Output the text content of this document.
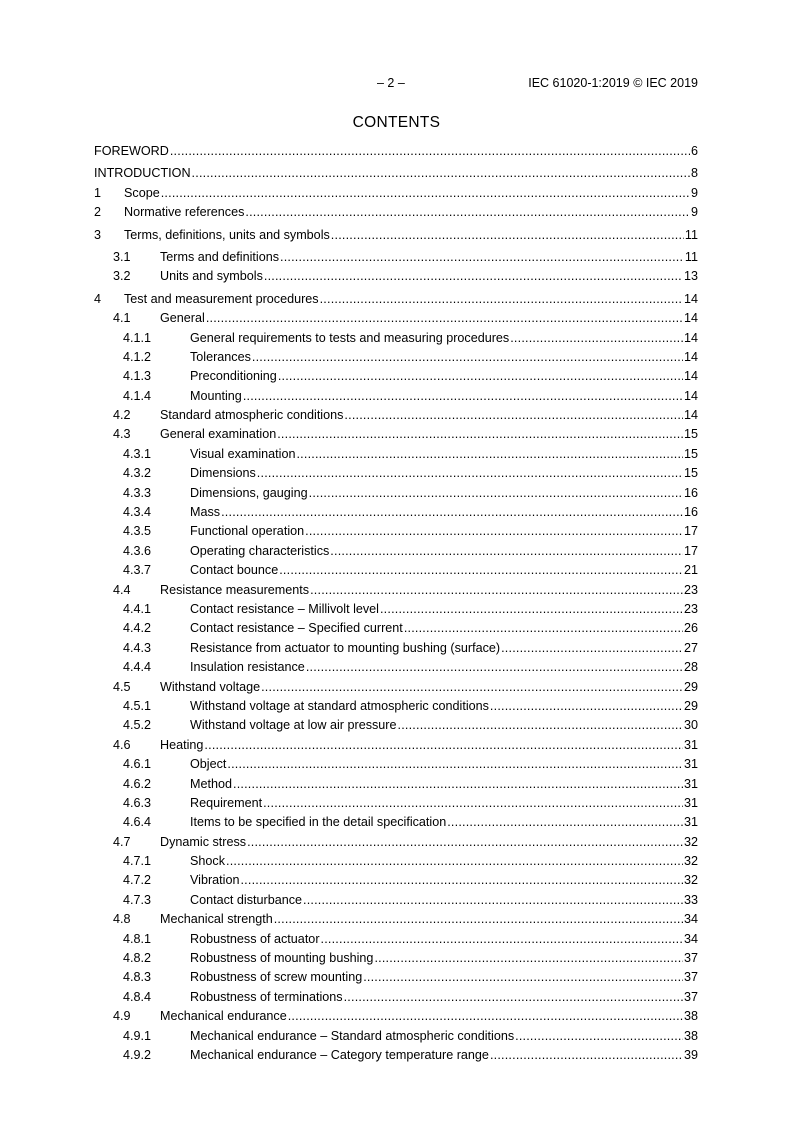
– 2 –	IEC 61020-1:2019 © IEC 2019
CONTENTS
FOREWORD .....	6
INTRODUCTION .....	8
1 Scope .....	9
2 Normative references .....	9
3 Terms, definitions, units and symbols .....	11
3.1 Terms and definitions .....	11
3.2 Units and symbols .....	13
4 Test and measurement procedures .....	14
4.1 General .....	14
4.1.1	General requirements to tests and measuring procedures .....	14
4.1.2	Tolerances .....	14
4.1.3	Preconditioning .....	14
4.1.4	Mounting .....	14
4.2 Standard atmospheric conditions .....	14
4.3 General examination .....	15
4.3.1	Visual examination .....	15
4.3.2	Dimensions .....	15
4.3.3	Dimensions, gauging .....	16
4.3.4	Mass .....	16
4.3.5	Functional operation .....	17
4.3.6	Operating characteristics .....	17
4.3.7	Contact bounce .....	21
4.4 Resistance measurements .....	23
4.4.1	Contact resistance – Millivolt level .....	23
4.4.2	Contact resistance – Specified current .....	26
4.4.3	Resistance from actuator to mounting bushing (surface) .....	27
4.4.4	Insulation resistance .....	28
4.5 Withstand voltage .....	29
4.5.1	Withstand voltage at standard atmospheric conditions .....	29
4.5.2	Withstand voltage at low air pressure .....	30
4.6 Heating .....	31
4.6.1	Object .....	31
4.6.2	Method .....	31
4.6.3	Requirement .....	31
4.6.4	Items to be specified in the detail specification .....	31
4.7 Dynamic stress .....	32
4.7.1	Shock .....	32
4.7.2	Vibration .....	32
4.7.3	Contact disturbance .....	33
4.8 Mechanical strength .....	34
4.8.1	Robustness of actuator .....	34
4.8.2	Robustness of mounting bushing .....	37
4.8.3	Robustness of screw mounting .....	37
4.8.4	Robustness of terminations .....	37
4.9 Mechanical endurance .....	38
4.9.1	Mechanical endurance – Standard atmospheric conditions .....	38
4.9.2	Mechanical endurance – Category temperature range .....	39
